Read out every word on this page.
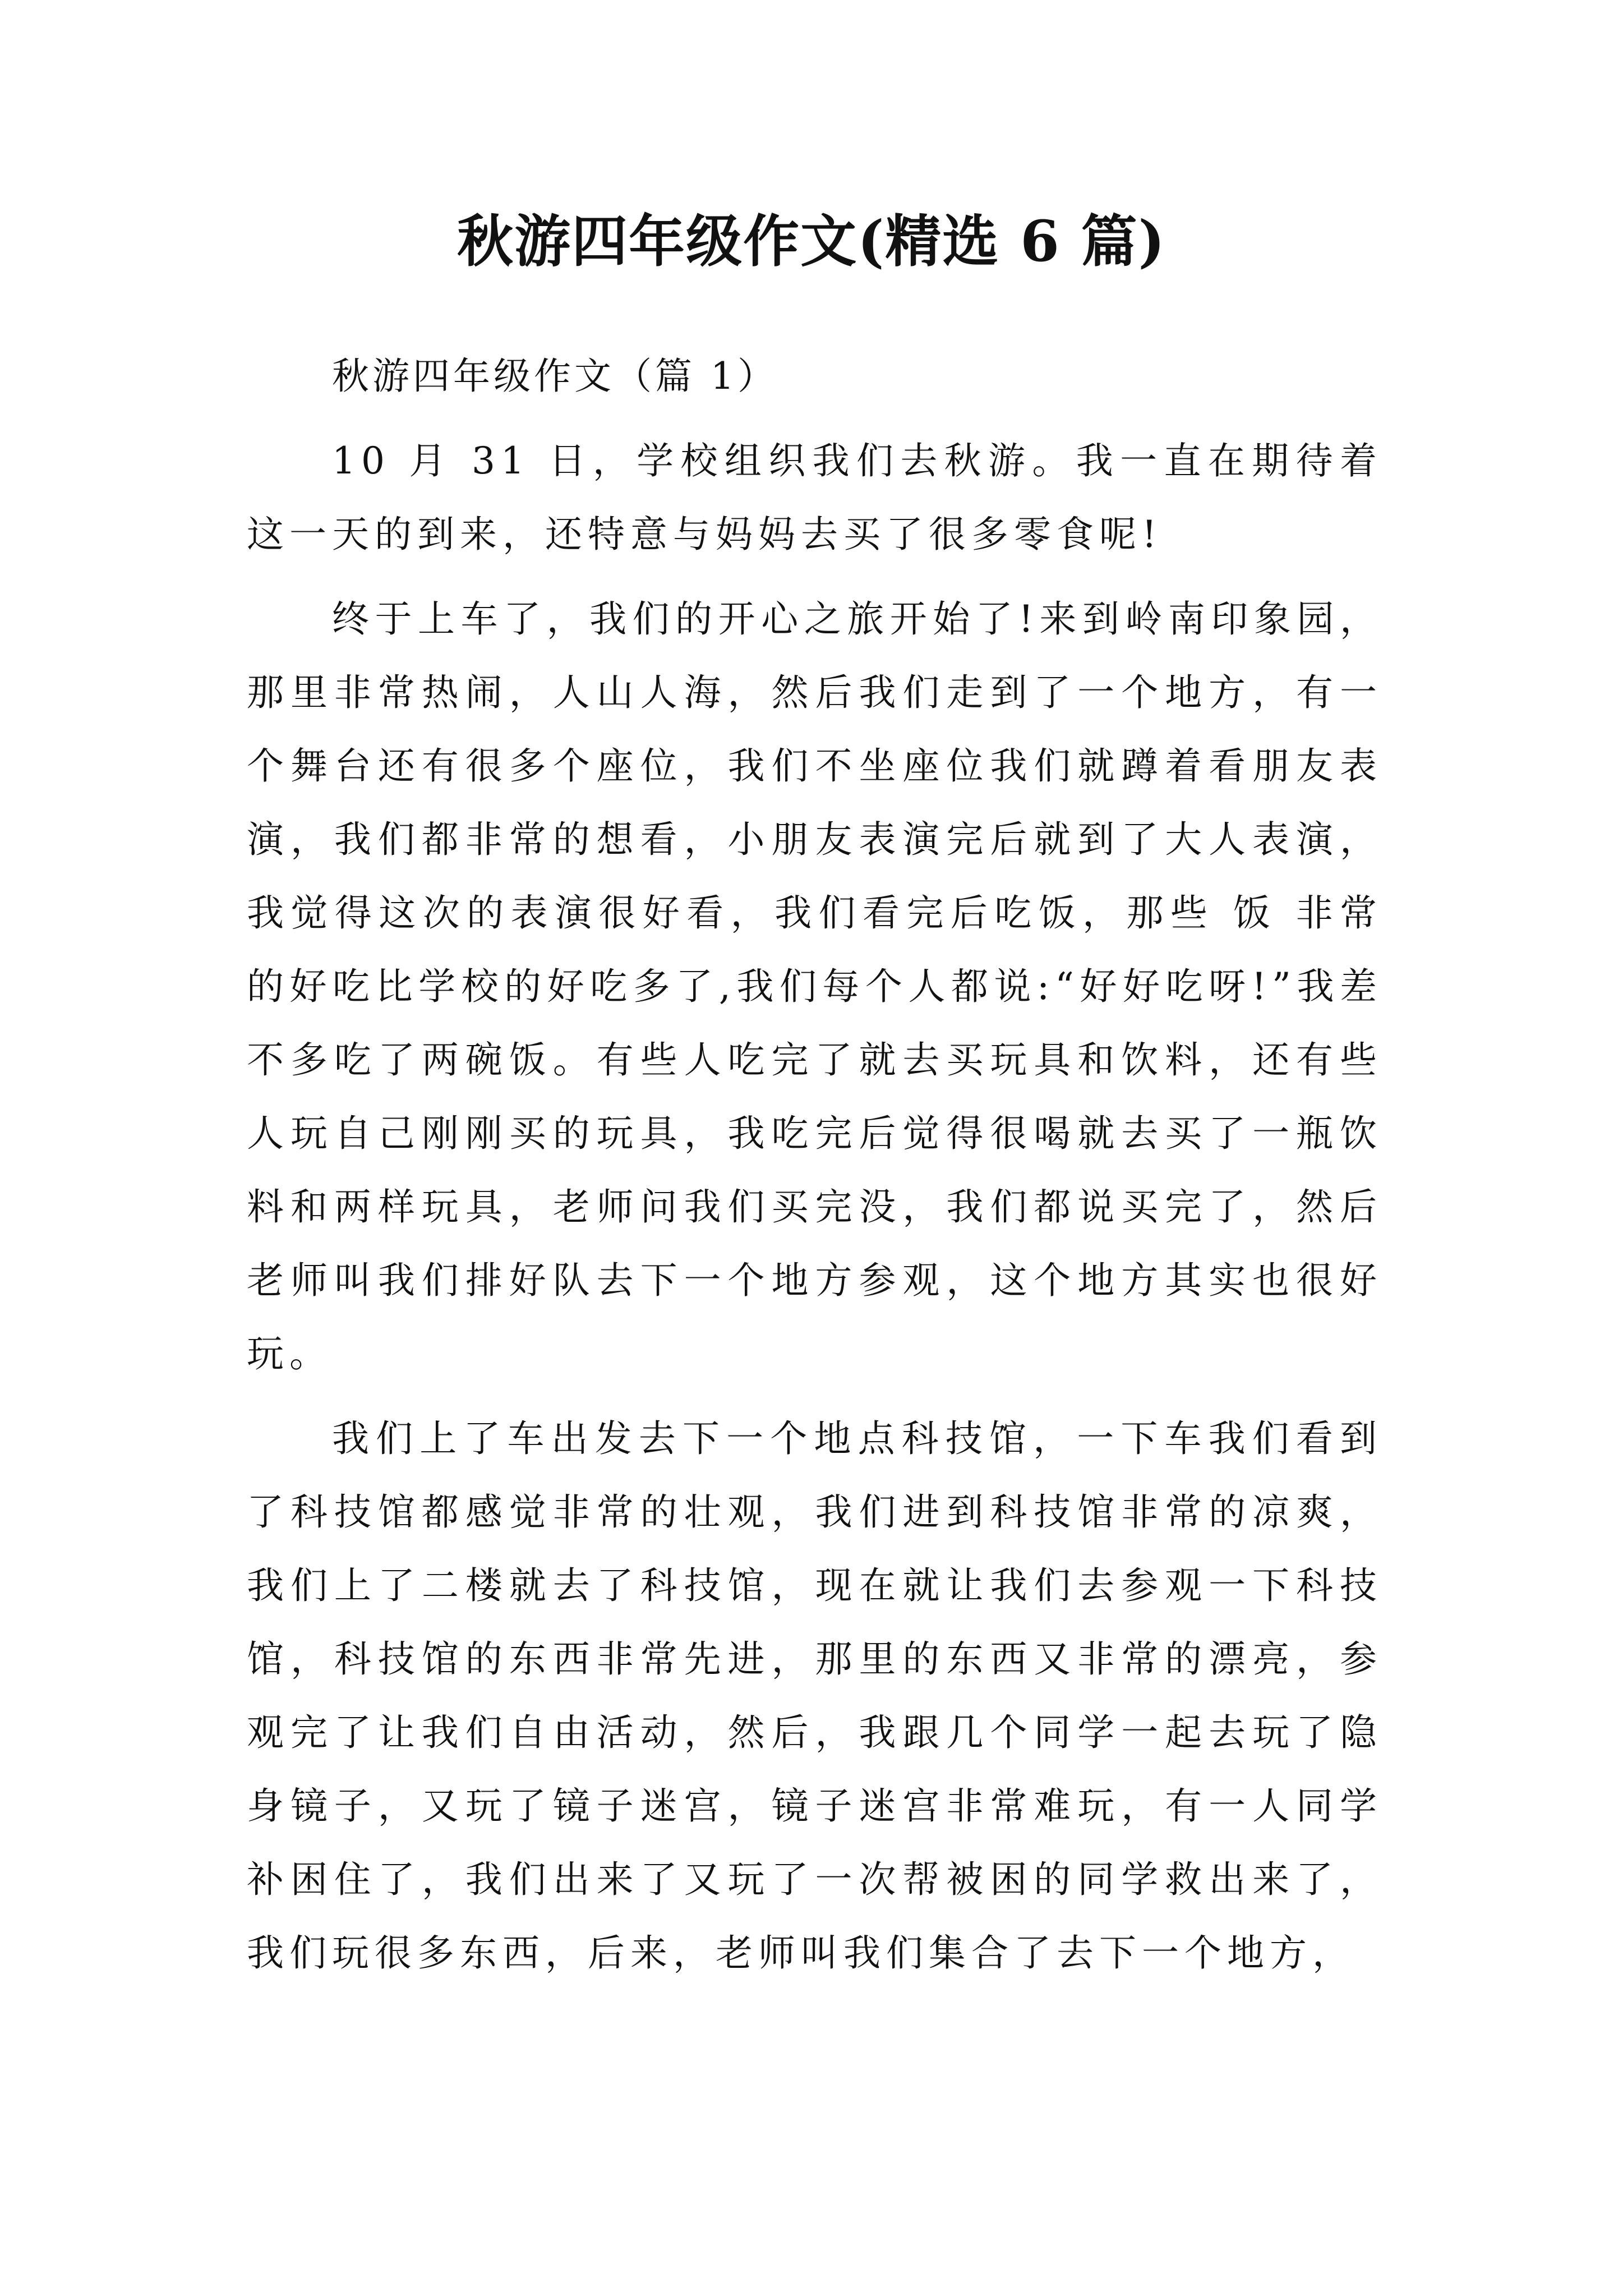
秋游四年级作文(精选 6 篇)

秋游四年级作文（篇 1）

10 月 31 日，学校组织我们去秋游。我一直在期待着这一天的到来，还特意与妈妈去买了很多零食呢!

终于上车了，我们的开心之旅开始了!来到岭南印象园，那里非常热闹，人山人海，然后我们走到了一个地方，有一个舞台还有很多个座位，我们不坐座位我们就蹲着看朋友表演，我们都非常的想看，小朋友表演完后就到了大人表演，我觉得这次的表演很好看，我们看完后吃饭，那些 饭 非常 的好吃比学校的好吃多了,我们每个人都说:“好好吃呀!”我差不多吃了两碗饭。有些人吃完了就去买玩具和饮料，还有些人玩自己刚刚买的玩具，我吃完后觉得很喝就去买了一瓶饮料和两样玩具，老师问我们买完没，我们都说买完了，然后老师叫我们排好队去下一个地方参观，这个地方其实也很好玩。

我们上了车出发去下一个地点科技馆，一下车我们看到了科技馆都感觉非常的壮观，我们进到科技馆非常的凉爽，我们上了二楼就去了科技馆，现在就让我们去参观一下科技馆，科技馆的东西非常先进，那里的东西又非常的漂亮，参观完了让我们自由活动，然后，我跟几个同学一起去玩了隐身镜子，又玩了镜子迷宫，镜子迷宫非常难玩，有一人同学补困住了，我们出来了又玩了一次帮被困的同学救出来了，我们玩很多东西，后来，老师叫我们集合了去下一个地方，
